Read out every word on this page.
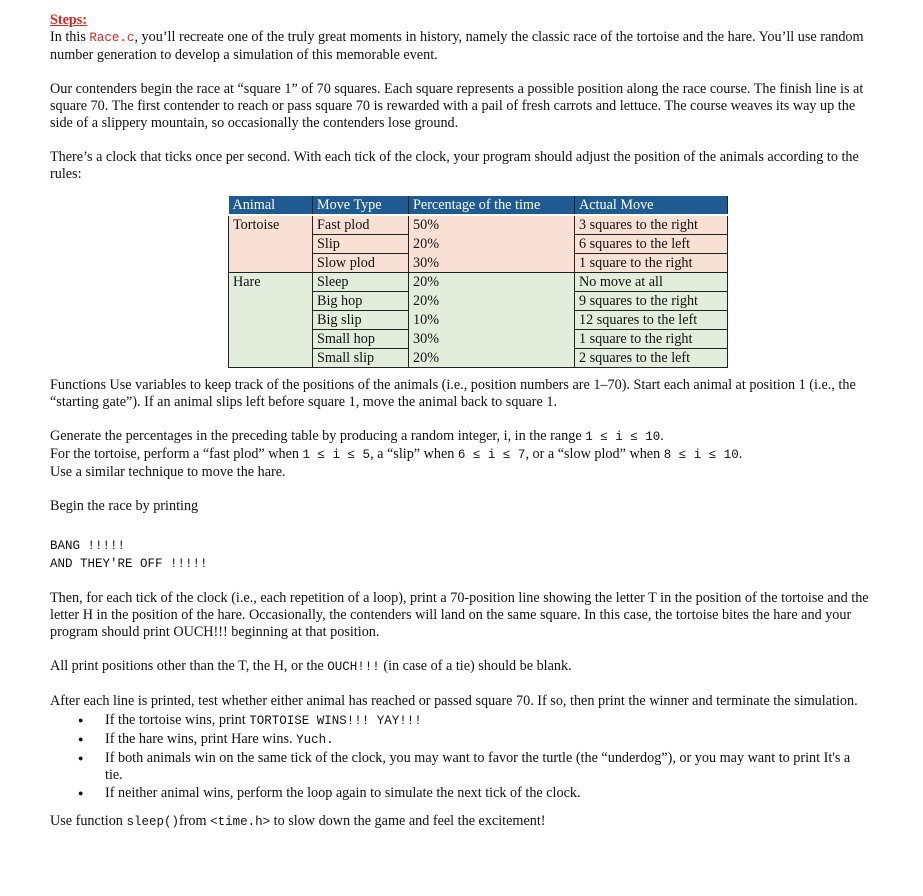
Steps:

In this Race.c, you’ll recreate one of the truly great moments in history, namely the classic race of the tortoise and the hare. You’ll use random number generation to develop a simulation of this memorable event.

Our contenders begin the race at “square 1” of 70 squares. Each square represents a possible position along the race course. The finish line is at square 70. The first contender to reach or pass square 70 is rewarded with a pail of fresh carrots and lettuce. The course weaves its way up the side of a slippery mountain, so occasionally the contenders lose ground.

There’s a clock that ticks once per second. With each tick of the clock, your program should adjust the position of the animals according to the rules:

Animal	Move Type	Percentage of the time	Actual Move
Tortoise	Fast plod	50%	3 squares to the right
	Slip	20%	6 squares to the left
	Slow plod	30%	1 square to the right
Hare	Sleep	20%	No move at all
	Big hop	20%	9 squares to the right
	Big slip	10%	12 squares to the left
	Small hop	30%	1 square to the right
	Small slip	20%	2 squares to the left

Functions Use variables to keep track of the positions of the animals (i.e., position numbers are 1–70). Start each animal at position 1 (i.e., the “starting gate”). If an animal slips left before square 1, move the animal back to square 1.

Generate the percentages in the preceding table by producing a random integer, i, in the range 1 ≤ i ≤ 10.

For the tortoise, perform a “fast plod” when 1 ≤ i ≤ 5, a “slip” when 6 ≤ i ≤ 7, or a “slow plod” when 8 ≤ i ≤ 10.

Use a similar technique to move the hare.

Begin the race by printing

BANG !!!!!
AND THEY'RE OFF !!!!!

Then, for each tick of the clock (i.e., each repetition of a loop), print a 70-position line showing the letter T in the position of the tortoise and the letter H in the position of the hare. Occasionally, the contenders will land on the same square. In this case, the tortoise bites the hare and your program should print OUCH!!! beginning at that position.

All print positions other than the T, the H, or the OUCH!!! (in case of a tie) should be blank.

After each line is printed, test whether either animal has reached or passed square 70. If so, then print the winner and terminate the simulation.

● If the tortoise wins, print TORTOISE WINS!!! YAY!!!
● If the hare wins, print Hare wins. Yuch.
● If both animals win on the same tick of the clock, you may want to favor the turtle (the “underdog”), or you may want to print It's a tie.
● If neither animal wins, perform the loop again to simulate the next tick of the clock.

Use function sleep()from <time.h> to slow down the game and feel the excitement!
